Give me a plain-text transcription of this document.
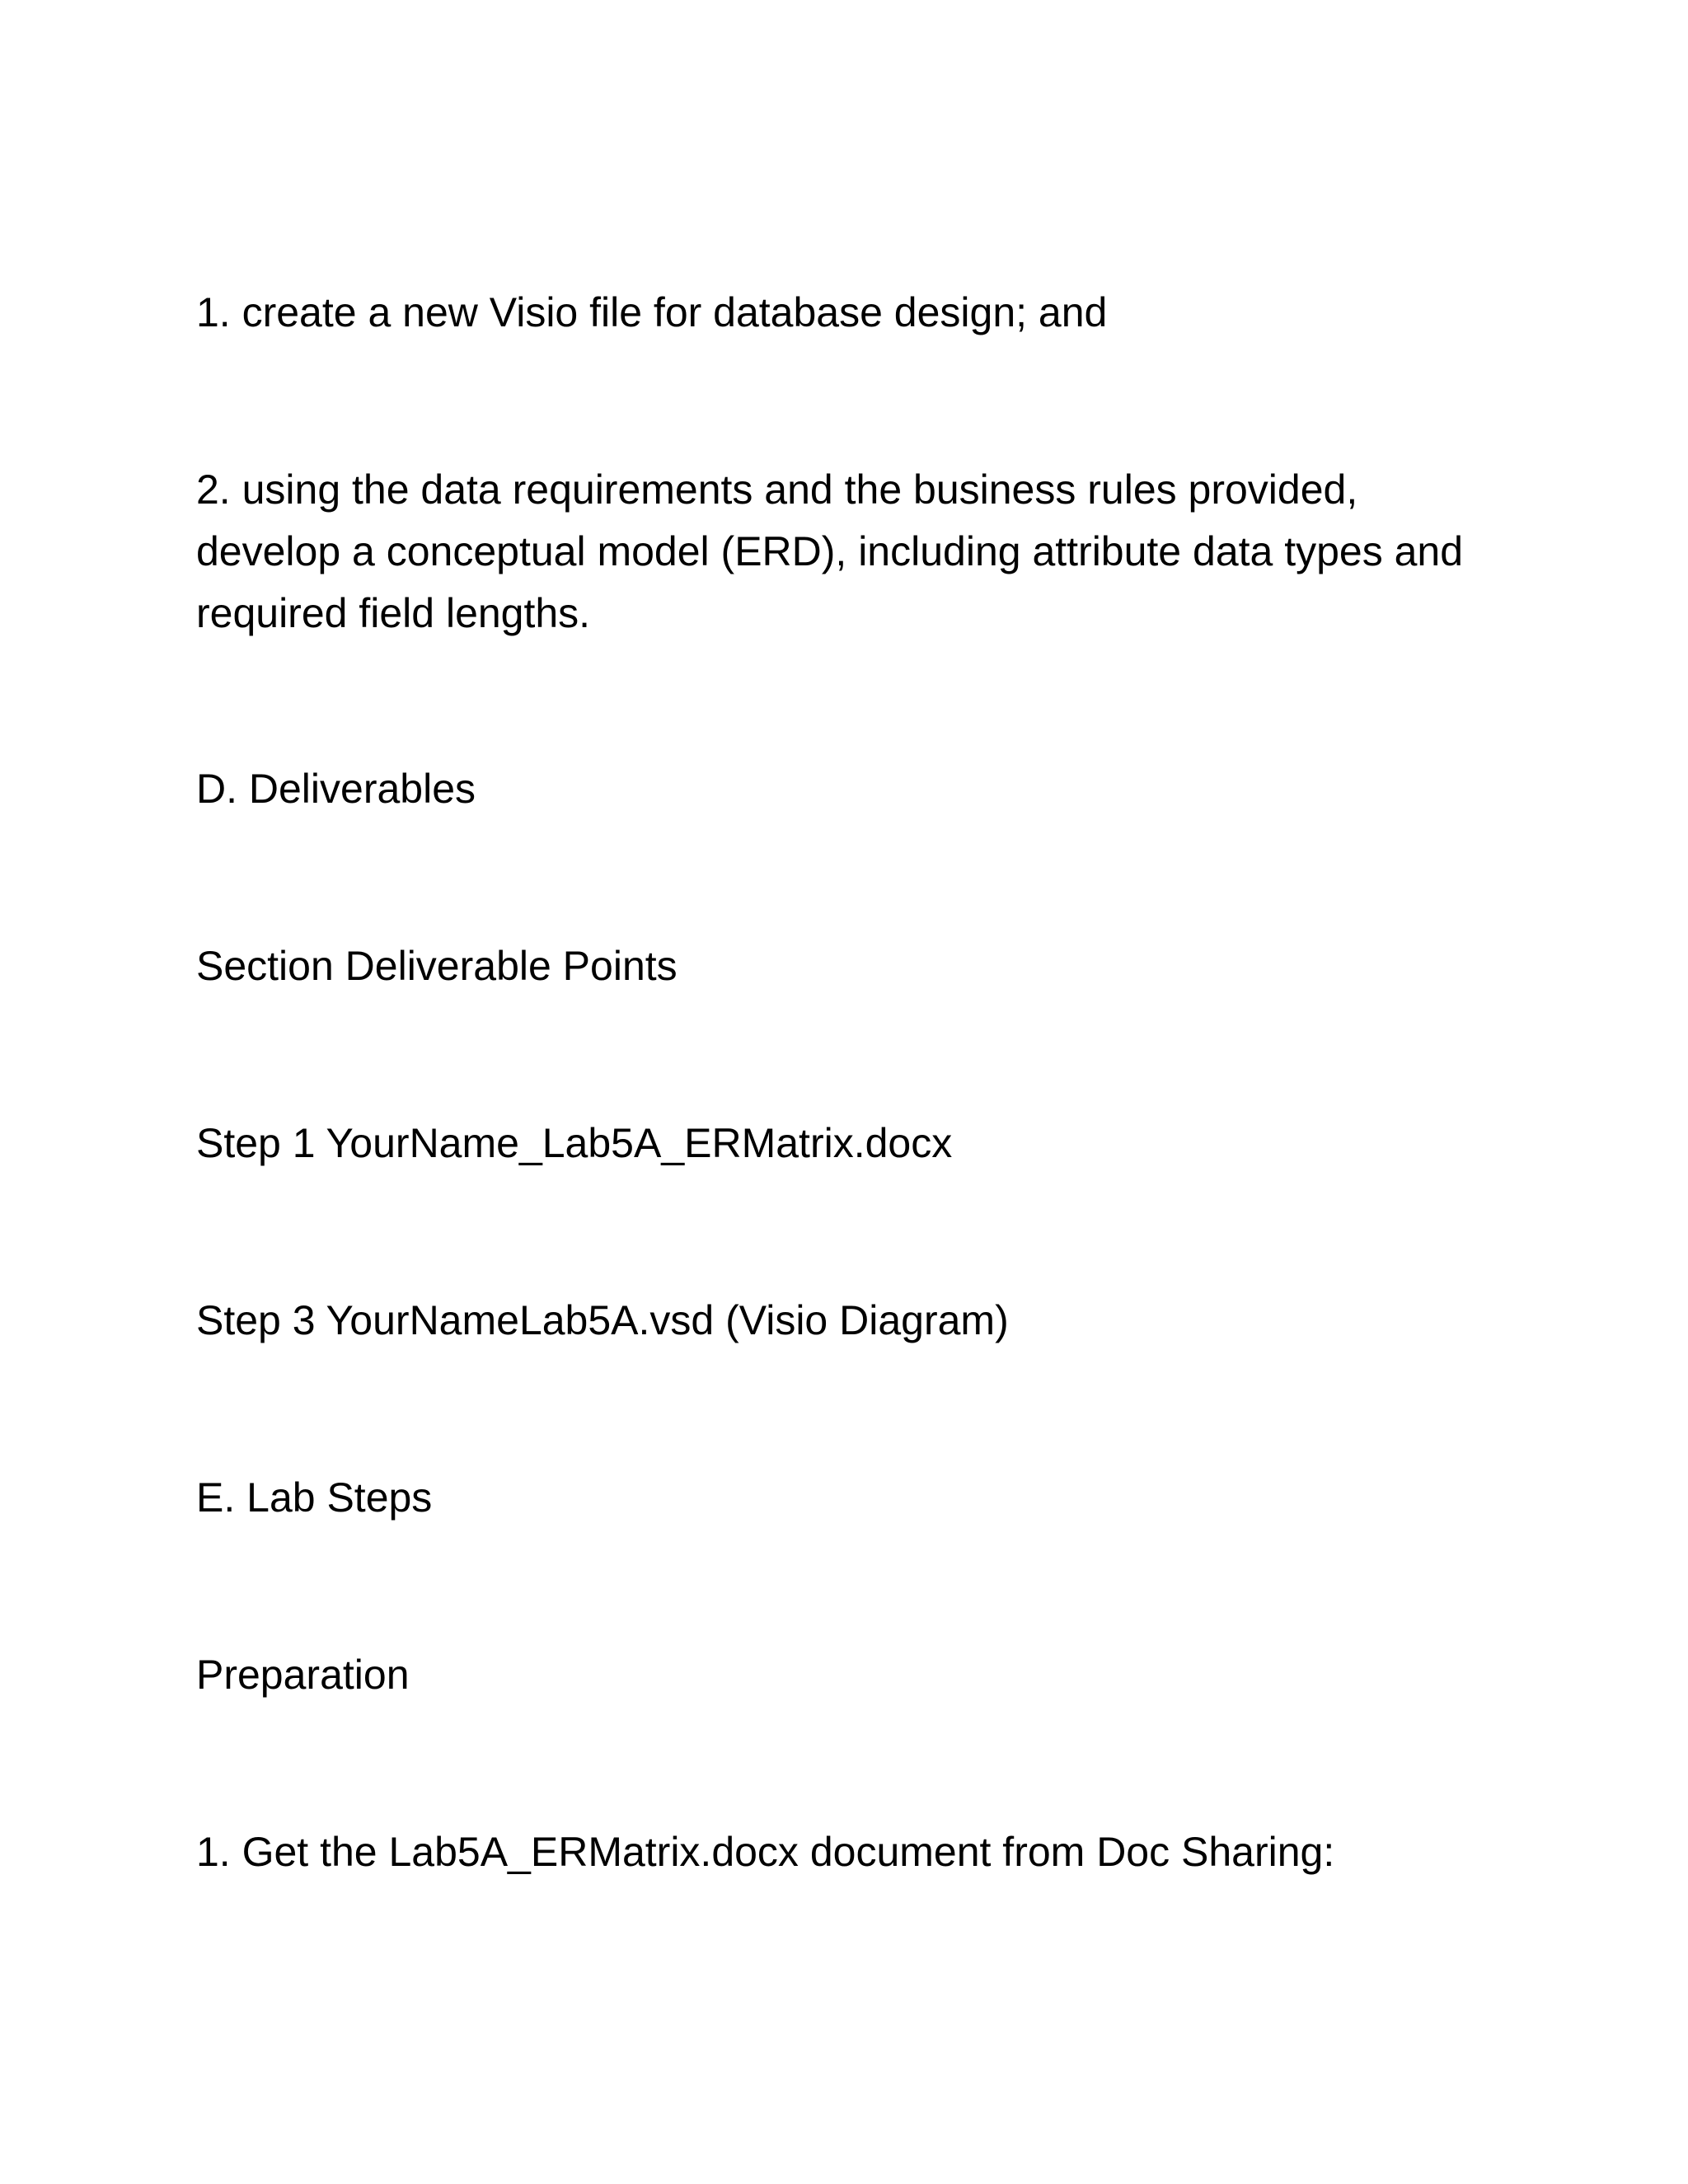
1. create a new Visio file for database design; and

2. using the data requirements and the business rules provided,
develop a conceptual model (ERD), including attribute data types and
required field lengths.

D. Deliverables

Section Deliverable Points

Step 1 YourName_Lab5A_ERMatrix.docx

Step 3 YourNameLab5A.vsd (Visio Diagram)

E. Lab Steps

Preparation

1. Get the Lab5A_ERMatrix.docx document from Doc Sharing:
